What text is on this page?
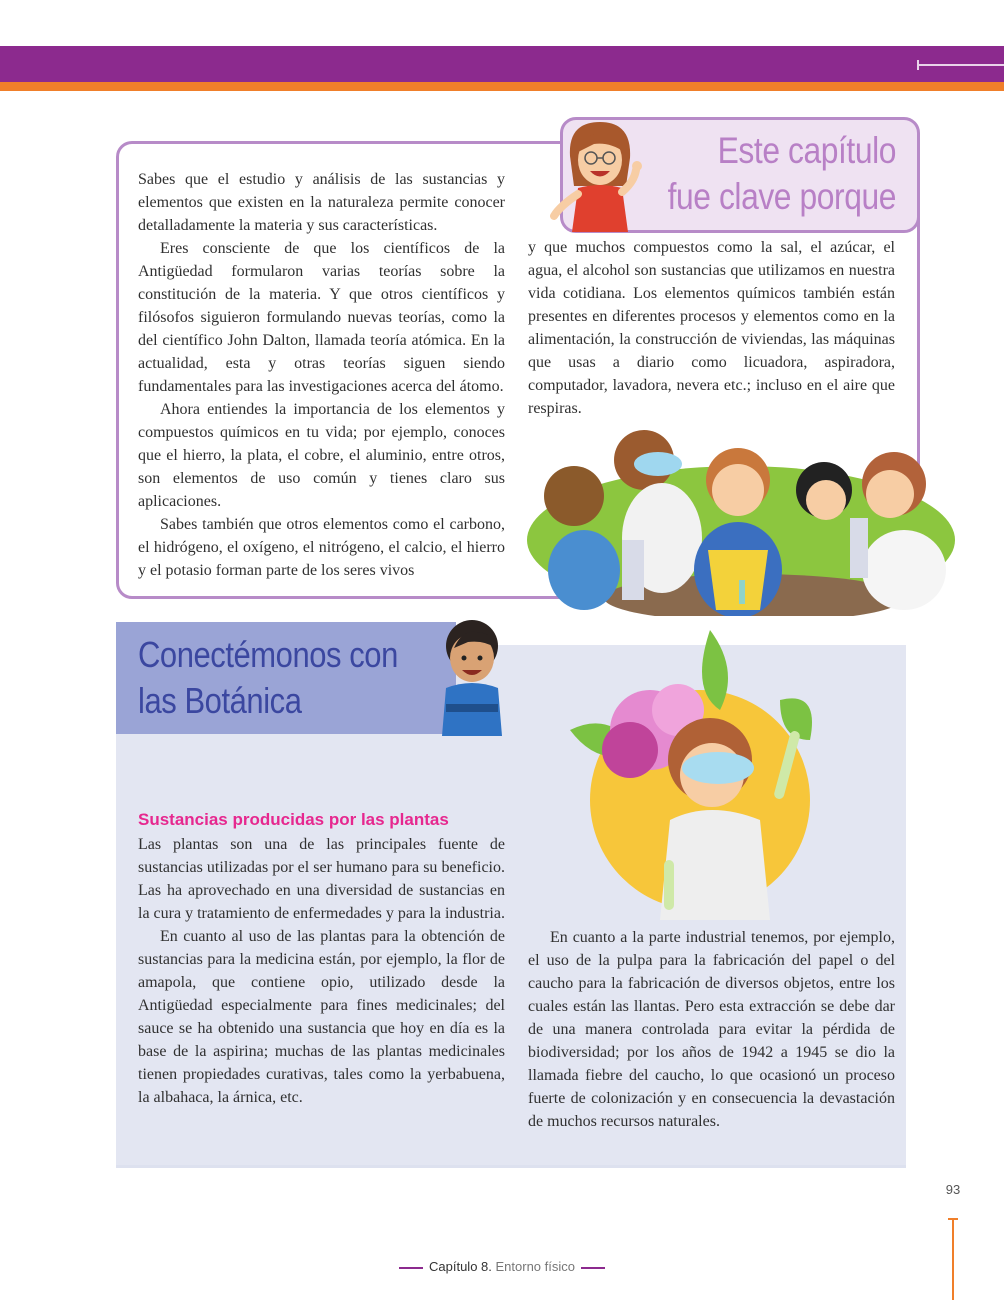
Este capítulo
fue clave porque

Sabes que el estudio y análisis de las sustancias y elementos que existen en la naturaleza permite conocer detalladamente la materia y sus características.

Eres consciente de que los científicos de la Antigüedad formularon varias teorías sobre la constitución de la materia. Y que otros científicos y filósofos siguieron formulando nuevas teorías, como la del científico John Dalton, llamada teoría atómica. En la actualidad, esta y otras teorías siguen siendo fundamentales para las investigaciones acerca del átomo.

Ahora entiendes la importancia de los elementos y compuestos químicos en tu vida; por ejemplo, conoces que el hierro, la plata, el cobre, el aluminio, entre otros, son elementos de uso común y tienes claro sus aplicaciones.

Sabes también que otros elementos como el carbono, el hidrógeno, el oxígeno, el nitrógeno, el calcio, el hierro y el potasio forman parte de los seres vivos

y que muchos compuestos como la sal, el azúcar, el agua, el alcohol son sustancias que utilizamos en nuestra vida cotidiana. Los elementos químicos también están presentes en diferentes procesos y elementos como en la alimentación, la construcción de viviendas, las máquinas que usas a diario como licuadora, aspiradora, computador, lavadora, nevera etc.; incluso en el aire que respiras.

Conectémonos con
las Botánica
Sustancias producidas por las plantas

Las plantas son una de las principales fuente de sustancias utilizadas por el ser humano para su beneficio. Las ha aprovechado en una diversidad de sustancias en la cura y tratamiento de enfermedades y para la industria.

En cuanto al uso de las plantas para la obtención de sustancias para la medicina están, por ejemplo, la flor de amapola, que contiene opio, utilizado desde la Antigüedad especialmente para fines medicinales; del sauce se ha obtenido una sustancia que hoy en día es la base de la aspirina; muchas de las plantas medicinales tienen propiedades curativas, tales como la yerbabuena, la albahaca, la árnica, etc.

En cuanto a la parte industrial tenemos, por ejemplo, el uso de la pulpa para la fabricación del papel o del caucho para la fabricación de diversos objetos, entre los cuales están las llantas. Pero esta extracción se debe dar de una manera controlada para evitar la pérdida de biodiversidad; por los años de 1942 a 1945 se dio la llamada fiebre del caucho, lo que ocasionó un proceso fuerte de colonización y en consecuencia la devastación de muchos recursos naturales.

93
Capítulo 8. Entorno físico
